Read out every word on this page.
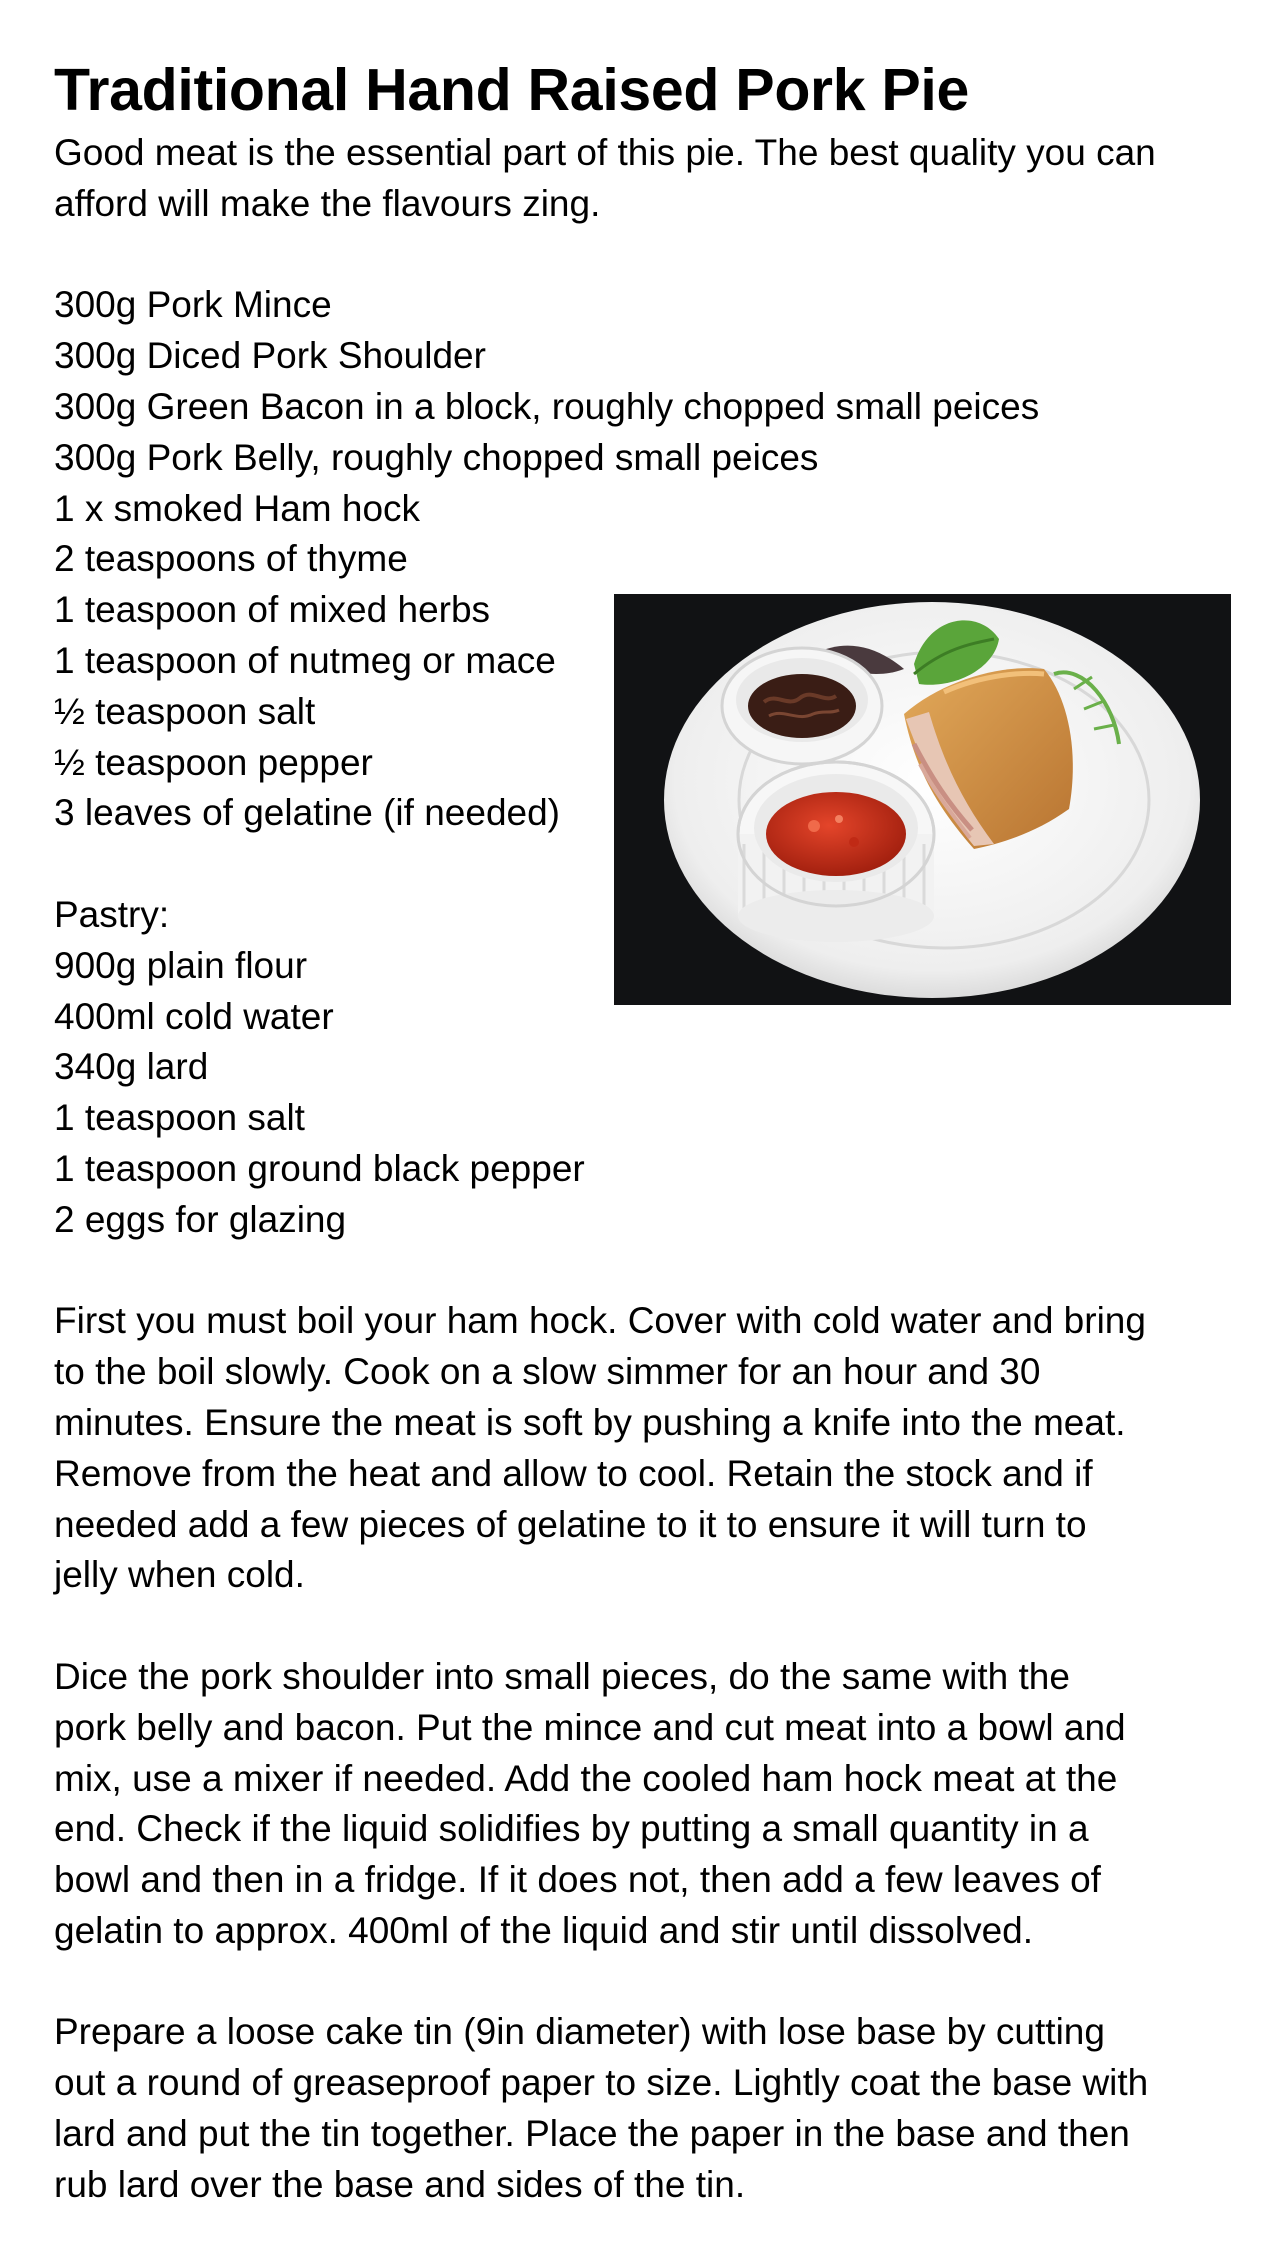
Traditional Hand Raised Pork Pie

Good meat is the essential part of this pie. The best quality you can

afford will make the flavours zing.

300g Pork Mince

300g Diced Pork Shoulder

300g Green Bacon in a block, roughly chopped small peices

300g Pork Belly, roughly chopped small peices

1 x smoked Ham hock

2 teaspoons of thyme

1 teaspoon of mixed herbs

1 teaspoon of nutmeg or mace

½ teaspoon salt

½ teaspoon pepper

3 leaves of gelatine (if needed)

Pastry:

900g plain flour

400ml cold water

340g lard

1 teaspoon salt

1 teaspoon ground black pepper

2 eggs for glazing

First you must boil your ham hock. Cover with cold water and bring

to the boil slowly. Cook on a slow simmer for an hour and 30

minutes. Ensure the meat is soft by pushing a knife into the meat.

Remove from the heat and allow to cool. Retain the stock and if

needed add a few pieces of gelatine to it to ensure it will turn to

jelly when cold.

Dice the pork shoulder into small pieces, do the same with the

pork belly and bacon. Put the mince and cut meat into a bowl and

mix, use a mixer if needed. Add the cooled ham hock meat at the

end. Check if the liquid solidifies by putting a small quantity in a

bowl and then in a fridge. If it does not, then add a few leaves of

gelatin to approx. 400ml of the liquid and stir until dissolved.

Prepare a loose cake tin (9in diameter) with lose base by cutting

out a round of greaseproof paper to size. Lightly coat the base with

lard and put the tin together. Place the paper in the base and then

rub lard over the base and sides of the tin.
